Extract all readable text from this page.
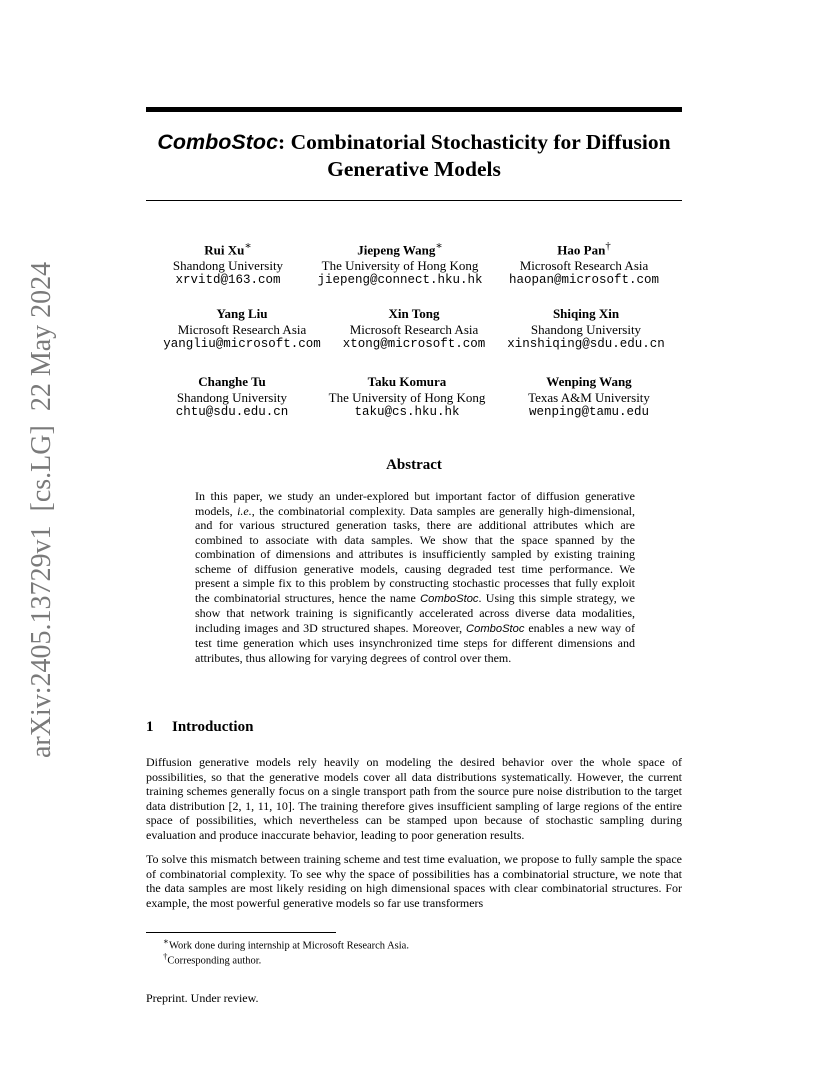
arXiv:2405.13729v1  [cs.LG]  22 May 2024
ComboStoc: Combinatorial Stochasticity for Diffusion
Generative Models
Rui Xu∗
Shandong University
xrvitd@163.com
Jiepeng Wang∗
The University of Hong Kong
jiepeng@connect.hku.hk
Hao Pan†
Microsoft Research Asia
haopan@microsoft.com
Yang Liu
Microsoft Research Asia
yangliu@microsoft.com
Xin Tong
Microsoft Research Asia
xtong@microsoft.com
Shiqing Xin
Shandong University
xinshiqing@sdu.edu.cn
Changhe Tu
Shandong University
chtu@sdu.edu.cn
Taku Komura
The University of Hong Kong
taku@cs.hku.hk
Wenping Wang
Texas A&M University
wenping@tamu.edu
Abstract
In this paper, we study an under-explored but important factor of diffusion generative models, i.e., the combinatorial complexity. Data samples are generally high-dimensional, and for various structured generation tasks, there are additional attributes which are combined to associate with data samples. We show that the space spanned by the combination of dimensions and attributes is insufficiently sampled by existing training scheme of diffusion generative models, causing degraded test time performance. We present a simple fix to this problem by constructing stochastic processes that fully exploit the combinatorial structures, hence the name ComboStoc. Using this simple strategy, we show that network training is significantly accelerated across diverse data modalities, including images and 3D structured shapes. Moreover, ComboStoc enables a new way of test time generation which uses insynchronized time steps for different dimensions and attributes, thus allowing for varying degrees of control over them.
1 Introduction
Diffusion generative models rely heavily on modeling the desired behavior over the whole space of possibilities, so that the generative models cover all data distributions systematically. However, the current training schemes generally focus on a single transport path from the source pure noise distribution to the target data distribution [2, 1, 11, 10]. The training therefore gives insufficient sampling of large regions of the entire space of possibilities, which nevertheless can be stamped upon because of stochastic sampling during evaluation and produce inaccurate behavior, leading to poor generation results.
To solve this mismatch between training scheme and test time evaluation, we propose to fully sample the space of combinatorial complexity. To see why the space of possibilities has a combinatorial structure, we note that the data samples are most likely residing on high dimensional spaces with clear combinatorial structures. For example, the most powerful generative models so far use transformers
∗Work done during internship at Microsoft Research Asia.
†Corresponding author.
Preprint. Under review.
